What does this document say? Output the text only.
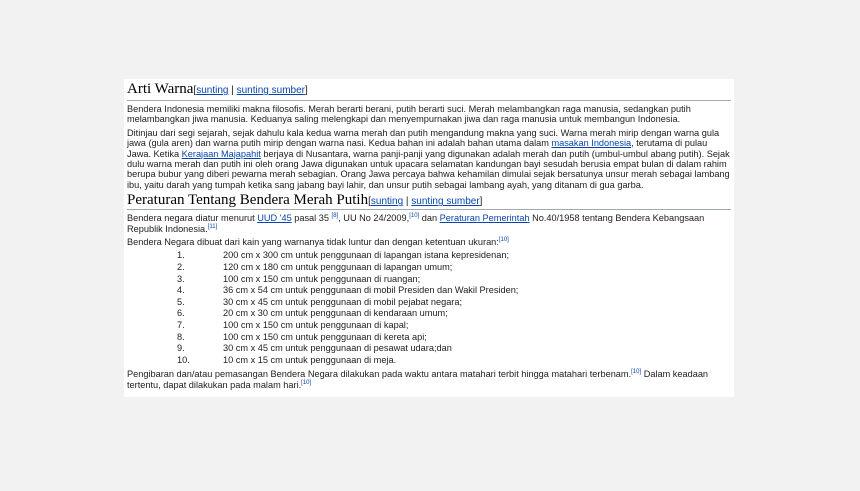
Arti Warna[sunting | sunting sumber]

Bendera Indonesia memiliki makna filosofis. Merah berarti berani, putih berarti suci. Merah melambangkan raga manusia, sedangkan putih melambangkan jiwa manusia. Keduanya saling melengkapi dan menyempurnakan jiwa dan raga manusia untuk membangun Indonesia.

Ditinjau dari segi sejarah, sejak dahulu kala kedua warna merah dan putih mengandung makna yang suci. Warna merah mirip dengan warna gula jawa (gula aren) dan warna putih mirip dengan warna nasi. Kedua bahan ini adalah bahan utama dalam masakan Indonesia, terutama di pulau Jawa. Ketika Kerajaan Majapahit berjaya di Nusantara, warna panji-panji yang digunakan adalah merah dan putih (umbul-umbul abang putih). Sejak dulu warna merah dan putih ini oleh orang Jawa digunakan untuk upacara selamatan kandungan bayi sesudah berusia empat bulan di dalam rahim berupa bubur yang diberi pewarna merah sebagian. Orang Jawa percaya bahwa kehamilan dimulai sejak bersatunya unsur merah sebagai lambang ibu, yaitu darah yang tumpah ketika sang jabang bayi lahir, dan unsur putih sebagai lambang ayah, yang ditanam di gua garba.

Peraturan Tentang Bendera Merah Putih[sunting | sunting sumber]

Bendera negara diatur menurut UUD '45 pasal 35 [8], UU No 24/2009,[10] dan Peraturan Pemerintah No.40/1958 tentang Bendera Kebangsaan Republik Indonesia.[11]

Bendera Negara dibuat dari kain yang warnanya tidak luntur dan dengan ketentuan ukuran:[10]

1.	200 cm x 300 cm untuk penggunaan di lapangan istana kepresidenan;
2.	120 cm x 180 cm untuk penggunaan di lapangan umum;
3.	100 cm x 150 cm untuk penggunaan di ruangan;
4.	36 cm x 54 cm untuk penggunaan di mobil Presiden dan Wakil Presiden;
5.	30 cm x 45 cm untuk penggunaan di mobil pejabat negara;
6.	20 cm x 30 cm untuk penggunaan di kendaraan umum;
7.	100 cm x 150 cm untuk penggunaan di kapal;
8.	100 cm x 150 cm untuk penggunaan di kereta api;
9.	30 cm x 45 cm untuk penggunaan di pesawat udara;dan
10.	10 cm x 15 cm untuk penggunaan di meja.

Pengibaran dan/atau pemasangan Bendera Negara dilakukan pada waktu antara matahari terbit hingga matahari terbenam.[10] Dalam keadaan tertentu, dapat dilakukan pada malam hari.[10]
